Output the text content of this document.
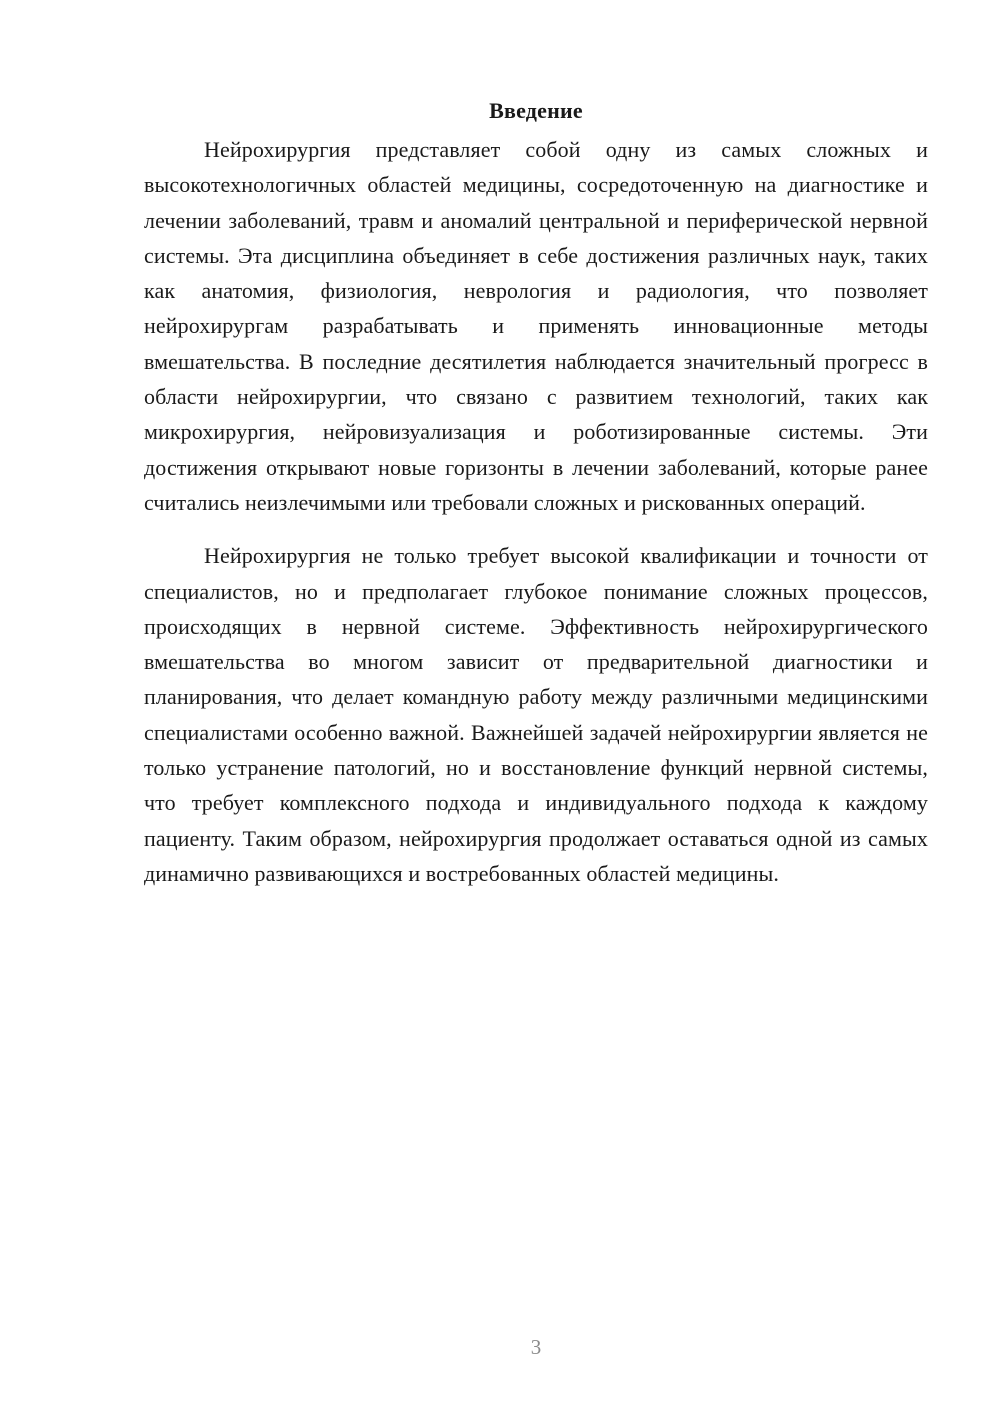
Введение

Нейрохирургия представляет собой одну из самых сложных и высокотехнологичных областей медицины, сосредоточенную на диагностике и лечении заболеваний, травм и аномалий центральной и периферической нервной системы. Эта дисциплина объединяет в себе достижения различных наук, таких как анатомия, физиология, неврология и радиология, что позволяет нейрохирургам разрабатывать и применять инновационные методы вмешательства. В последние десятилетия наблюдается значительный прогресс в области нейрохирургии, что связано с развитием технологий, таких как микрохирургия, нейровизуализация и роботизированные системы. Эти достижения открывают новые горизонты в лечении заболеваний, которые ранее считались неизлечимыми или требовали сложных и рискованных операций.

Нейрохирургия не только требует высокой квалификации и точности от специалистов, но и предполагает глубокое понимание сложных процессов, происходящих в нервной системе. Эффективность нейрохирургического вмешательства во многом зависит от предварительной диагностики и планирования, что делает командную работу между различными медицинскими специалистами особенно важной. Важнейшей задачей нейрохирургии является не только устранение патологий, но и восстановление функций нервной системы, что требует комплексного подхода и индивидуального подхода к каждому пациенту. Таким образом, нейрохирургия продолжает оставаться одной из самых динамично развивающихся и востребованных областей медицины.

3
